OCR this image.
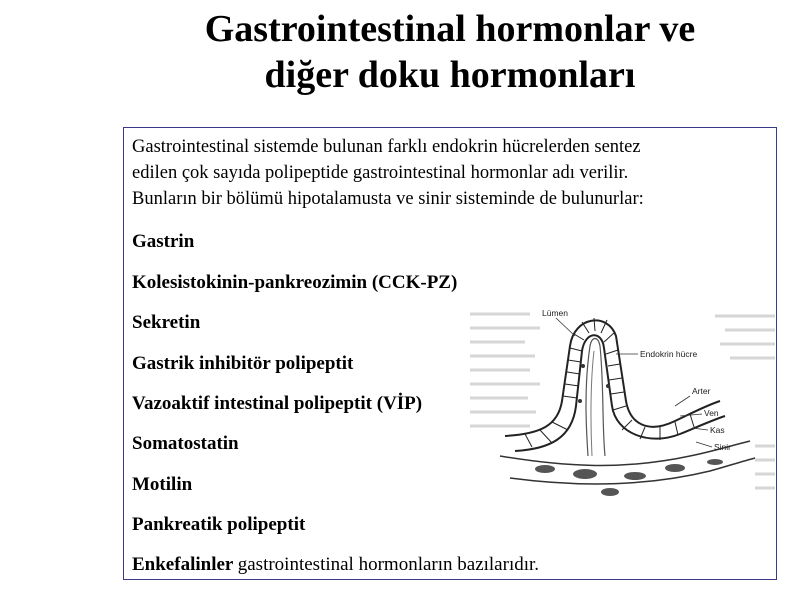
Gastrointestinal hormonlar ve
diğer doku hormonları

Gastrointestinal sistemde bulunan farklı endokrin hücrelerden sentez
edilen çok sayıda polipeptide gastrointestinal hormonlar adı verilir.
Bunların bir bölümü hipotalamusta ve sinir sisteminde de bulunurlar:

Gastrin

Kolesistokinin-pankreozimin (CCK-PZ)

Sekretin

Gastrik inhibitör polipeptit

Vazoaktif intestinal polipeptit (VİP)

Somatostatin

Motilin

Pankreatik polipeptit

Enkefalinler gastrointestinal hormonların bazılarıdır.

Lümen
Endokrin hücre
Arter
Ven
Kas
Sinir
